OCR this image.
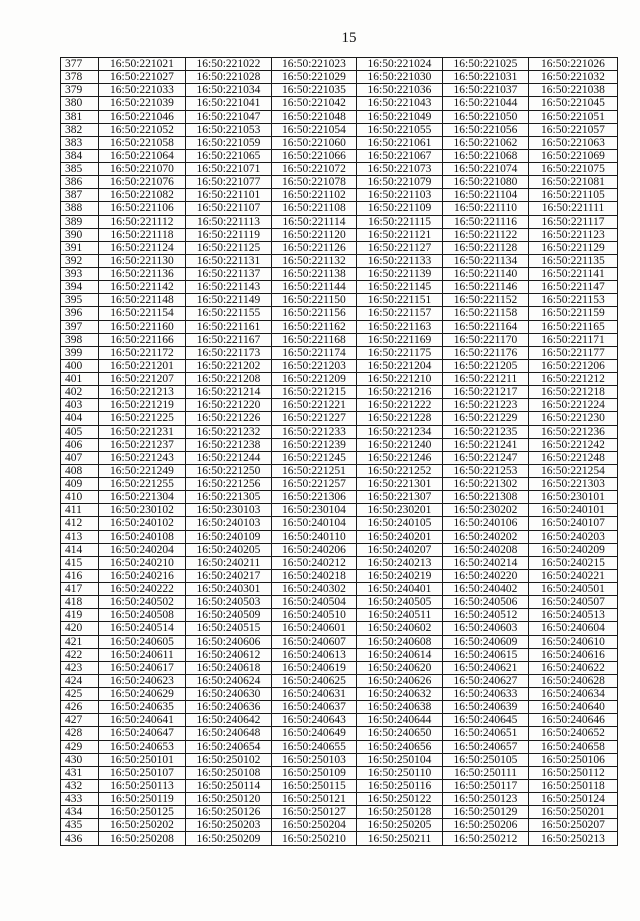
15
377	16:50:221021	16:50:221022	16:50:221023	16:50:221024	16:50:221025	16:50:221026
378	16:50:221027	16:50:221028	16:50:221029	16:50:221030	16:50:221031	16:50:221032
379	16:50:221033	16:50:221034	16:50:221035	16:50:221036	16:50:221037	16:50:221038
380	16:50:221039	16:50:221041	16:50:221042	16:50:221043	16:50:221044	16:50:221045
381	16:50:221046	16:50:221047	16:50:221048	16:50:221049	16:50:221050	16:50:221051
382	16:50:221052	16:50:221053	16:50:221054	16:50:221055	16:50:221056	16:50:221057
383	16:50:221058	16:50:221059	16:50:221060	16:50:221061	16:50:221062	16:50:221063
384	16:50:221064	16:50:221065	16:50:221066	16:50:221067	16:50:221068	16:50:221069
385	16:50:221070	16:50:221071	16:50:221072	16:50:221073	16:50:221074	16:50:221075
386	16:50:221076	16:50:221077	16:50:221078	16:50:221079	16:50:221080	16:50:221081
387	16:50:221082	16:50:221101	16:50:221102	16:50:221103	16:50:221104	16:50:221105
388	16:50:221106	16:50:221107	16:50:221108	16:50:221109	16:50:221110	16:50:221111
389	16:50:221112	16:50:221113	16:50:221114	16:50:221115	16:50:221116	16:50:221117
390	16:50:221118	16:50:221119	16:50:221120	16:50:221121	16:50:221122	16:50:221123
391	16:50:221124	16:50:221125	16:50:221126	16:50:221127	16:50:221128	16:50:221129
392	16:50:221130	16:50:221131	16:50:221132	16:50:221133	16:50:221134	16:50:221135
393	16:50:221136	16:50:221137	16:50:221138	16:50:221139	16:50:221140	16:50:221141
394	16:50:221142	16:50:221143	16:50:221144	16:50:221145	16:50:221146	16:50:221147
395	16:50:221148	16:50:221149	16:50:221150	16:50:221151	16:50:221152	16:50:221153
396	16:50:221154	16:50:221155	16:50:221156	16:50:221157	16:50:221158	16:50:221159
397	16:50:221160	16:50:221161	16:50:221162	16:50:221163	16:50:221164	16:50:221165
398	16:50:221166	16:50:221167	16:50:221168	16:50:221169	16:50:221170	16:50:221171
399	16:50:221172	16:50:221173	16:50:221174	16:50:221175	16:50:221176	16:50:221177
400	16:50:221201	16:50:221202	16:50:221203	16:50:221204	16:50:221205	16:50:221206
401	16:50:221207	16:50:221208	16:50:221209	16:50:221210	16:50:221211	16:50:221212
402	16:50:221213	16:50:221214	16:50:221215	16:50:221216	16:50:221217	16:50:221218
403	16:50:221219	16:50:221220	16:50:221221	16:50:221222	16:50:221223	16:50:221224
404	16:50:221225	16:50:221226	16:50:221227	16:50:221228	16:50:221229	16:50:221230
405	16:50:221231	16:50:221232	16:50:221233	16:50:221234	16:50:221235	16:50:221236
406	16:50:221237	16:50:221238	16:50:221239	16:50:221240	16:50:221241	16:50:221242
407	16:50:221243	16:50:221244	16:50:221245	16:50:221246	16:50:221247	16:50:221248
408	16:50:221249	16:50:221250	16:50:221251	16:50:221252	16:50:221253	16:50:221254
409	16:50:221255	16:50:221256	16:50:221257	16:50:221301	16:50:221302	16:50:221303
410	16:50:221304	16:50:221305	16:50:221306	16:50:221307	16:50:221308	16:50:230101
411	16:50:230102	16:50:230103	16:50:230104	16:50:230201	16:50:230202	16:50:240101
412	16:50:240102	16:50:240103	16:50:240104	16:50:240105	16:50:240106	16:50:240107
413	16:50:240108	16:50:240109	16:50:240110	16:50:240201	16:50:240202	16:50:240203
414	16:50:240204	16:50:240205	16:50:240206	16:50:240207	16:50:240208	16:50:240209
415	16:50:240210	16:50:240211	16:50:240212	16:50:240213	16:50:240214	16:50:240215
416	16:50:240216	16:50:240217	16:50:240218	16:50:240219	16:50:240220	16:50:240221
417	16:50:240222	16:50:240301	16:50:240302	16:50:240401	16:50:240402	16:50:240501
418	16:50:240502	16:50:240503	16:50:240504	16:50:240505	16:50:240506	16:50:240507
419	16:50:240508	16:50:240509	16:50:240510	16:50:240511	16:50:240512	16:50:240513
420	16:50:240514	16:50:240515	16:50:240601	16:50:240602	16:50:240603	16:50:240604
421	16:50:240605	16:50:240606	16:50:240607	16:50:240608	16:50:240609	16:50:240610
422	16:50:240611	16:50:240612	16:50:240613	16:50:240614	16:50:240615	16:50:240616
423	16:50:240617	16:50:240618	16:50:240619	16:50:240620	16:50:240621	16:50:240622
424	16:50:240623	16:50:240624	16:50:240625	16:50:240626	16:50:240627	16:50:240628
425	16:50:240629	16:50:240630	16:50:240631	16:50:240632	16:50:240633	16:50:240634
426	16:50:240635	16:50:240636	16:50:240637	16:50:240638	16:50:240639	16:50:240640
427	16:50:240641	16:50:240642	16:50:240643	16:50:240644	16:50:240645	16:50:240646
428	16:50:240647	16:50:240648	16:50:240649	16:50:240650	16:50:240651	16:50:240652
429	16:50:240653	16:50:240654	16:50:240655	16:50:240656	16:50:240657	16:50:240658
430	16:50:250101	16:50:250102	16:50:250103	16:50:250104	16:50:250105	16:50:250106
431	16:50:250107	16:50:250108	16:50:250109	16:50:250110	16:50:250111	16:50:250112
432	16:50:250113	16:50:250114	16:50:250115	16:50:250116	16:50:250117	16:50:250118
433	16:50:250119	16:50:250120	16:50:250121	16:50:250122	16:50:250123	16:50:250124
434	16:50:250125	16:50:250126	16:50:250127	16:50:250128	16:50:250129	16:50:250201
435	16:50:250202	16:50:250203	16:50:250204	16:50:250205	16:50:250206	16:50:250207
436	16:50:250208	16:50:250209	16:50:250210	16:50:250211	16:50:250212	16:50:250213
